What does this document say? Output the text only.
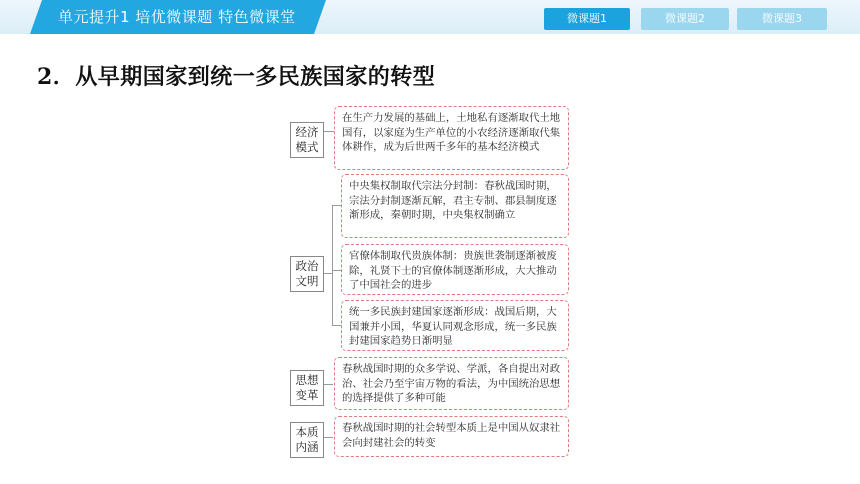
单元提升1 培优微课题 特色微课堂	微课题1	微课题2	微课题3
2．从早期国家到统一多民族国家的转型
经济模式
政治文明
思想变革
本质内涵
在生产力发展的基础上，土地私有逐渐取代土地国有，以家庭为生产单位的小农经济逐渐取代集体耕作，成为后世两千多年的基本经济模式
中央集权制取代宗法分封制：春秋战国时期，宗法分封制逐渐瓦解，君主专制、郡县制度逐渐形成，秦朝时期，中央集权制确立
官僚体制取代贵族体制：贵族世袭制逐渐被废除，礼贤下士的官僚体制逐渐形成，大大推动了中国社会的进步
统一多民族封建国家逐渐形成：战国后期，大国兼并小国，华夏认同观念形成，统一多民族封建国家趋势日渐明显
春秋战国时期的众多学说、学派，各自提出对政治、社会乃至宇宙万物的看法，为中国统治思想的选择提供了多种可能
春秋战国时期的社会转型本质上是中国从奴隶社会向封建社会的转变
